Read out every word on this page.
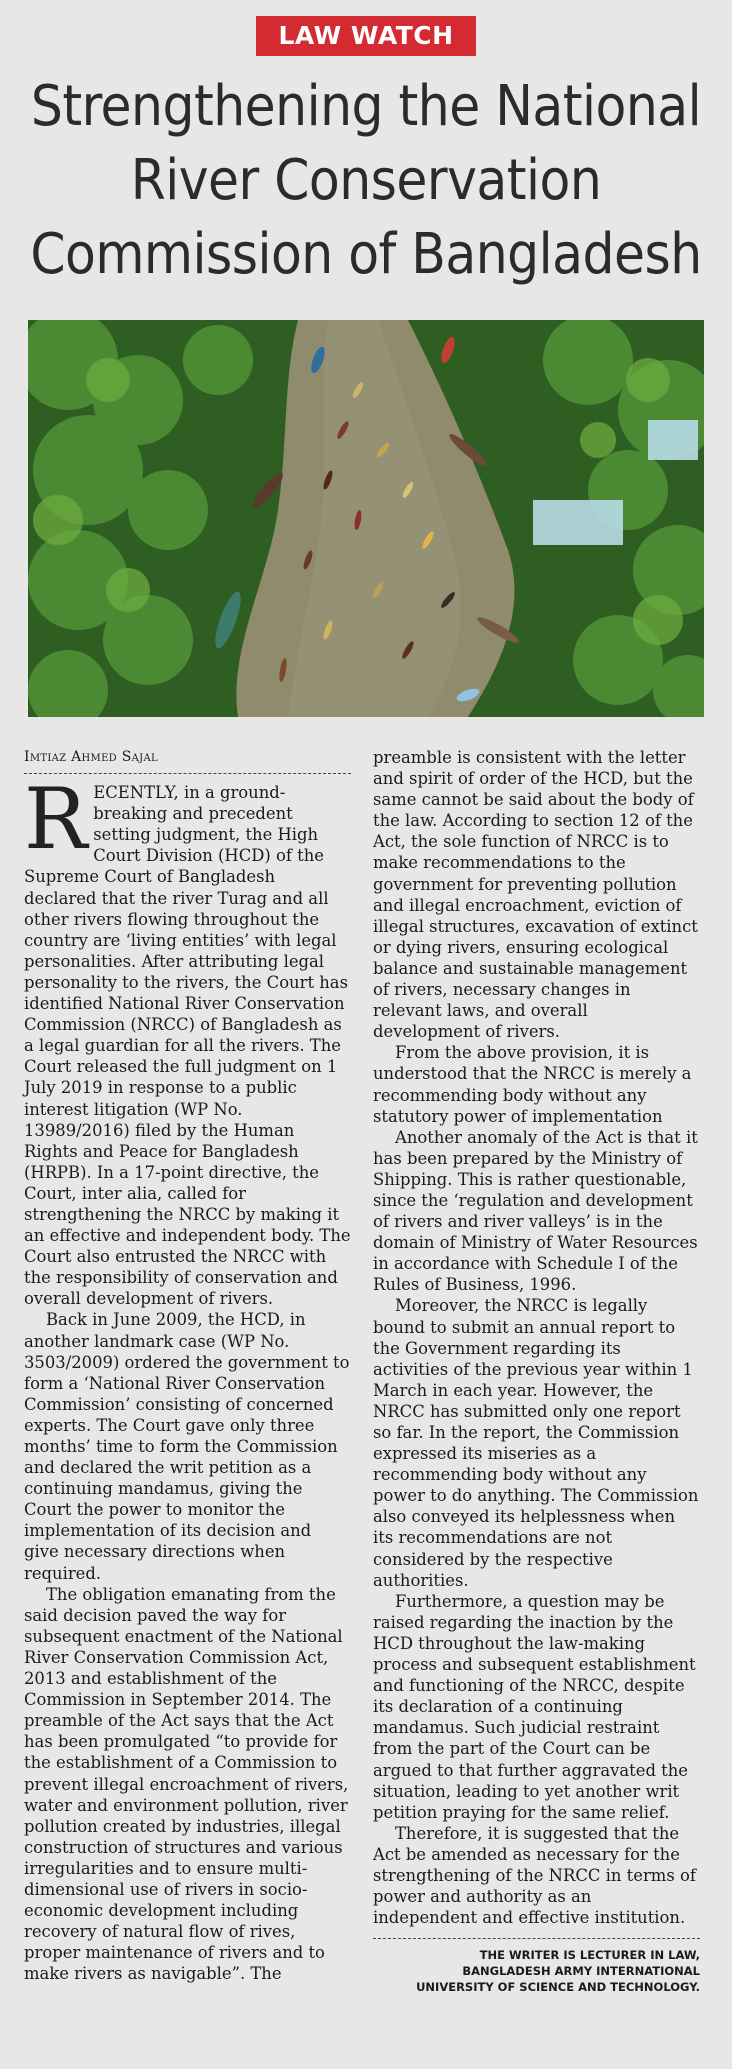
LAW WATCH
Strengthening the National
River Conservation
Commission of Bangladesh
Imtiaz Ahmed Sajal

RECENTLY, in a ground-breaking and precedent setting judgment, the High Court Division (HCD) of the Supreme Court of Bangladesh declared that the river Turag and all other rivers flowing throughout the country are ‘living entities’ with legal personalities. After attributing legal personality to the rivers, the Court has identified National River Conservation Commission (NRCC) of Bangladesh as a legal guardian for all the rivers. The Court released the full judgment on 1 July 2019 in response to a public interest litigation (WP No. 13989/2016) filed by the Human Rights and Peace for Bangladesh (HRPB). In a 17-point directive, the Court, inter alia, called for strengthening the NRCC by making it an effective and independent body. The Court also entrusted the NRCC with the responsibility of conservation and overall development of rivers.

Back in June 2009, the HCD, in another landmark case (WP No. 3503/2009) ordered the government to form a ‘National River Conservation Commission’ consisting of concerned experts. The Court gave only three months’ time to form the Commission and declared the writ petition as a continuing mandamus, giving the Court the power to monitor the implementation of its decision and give necessary directions when required.

The obligation emanating from the said decision paved the way for subsequent enactment of the National River Conservation Commission Act, 2013 and establishment of the Commission in September 2014. The preamble of the Act says that the Act has been promulgated “to provide for the establishment of a Commission to prevent illegal encroachment of rivers, water and environment pollution, river pollution created by industries, illegal construction of structures and various irregularities and to ensure multi-dimensional use of rivers in socio-economic development including recovery of natural flow of rives, proper maintenance of rivers and to make rivers as navigable”. The

preamble is consistent with the letter and spirit of order of the HCD, but the same cannot be said about the body of the law. According to section 12 of the Act, the sole function of NRCC is to make recommendations to the government for preventing pollution and illegal encroachment, eviction of illegal structures, excavation of extinct or dying rivers, ensuring ecological balance and sustainable management of rivers, necessary changes in relevant laws, and overall development of rivers.

From the above provision, it is understood that the NRCC is merely a recommending body without any statutory power of implementation

Another anomaly of the Act is that it has been prepared by the Ministry of Shipping. This is rather questionable, since the ‘regulation and development of rivers and river valleys’ is in the domain of Ministry of Water Resources in accordance with Schedule I of the Rules of Business, 1996.

Moreover, the NRCC is legally bound to submit an annual report to the Government regarding its activities of the previous year within 1 March in each year. However, the NRCC has submitted only one report so far. In the report, the Commission expressed its miseries as a recommending body without any power to do anything. The Commission also conveyed its helplessness when its recommendations are not considered by the respective authorities.

Furthermore, a question may be raised regarding the inaction by the HCD throughout the law-making process and subsequent establishment and functioning of the NRCC, despite its declaration of a continuing mandamus. Such judicial restraint from the part of the Court can be argued to that further aggravated the situation, leading to yet another writ petition praying for the same relief.

Therefore, it is suggested that the Act be amended as necessary for the strengthening of the NRCC in terms of power and authority as an independent and effective institution.

THE WRITER IS LECTURER IN LAW,
BANGLADESH ARMY INTERNATIONAL
UNIVERSITY OF SCIENCE AND TECHNOLOGY.
